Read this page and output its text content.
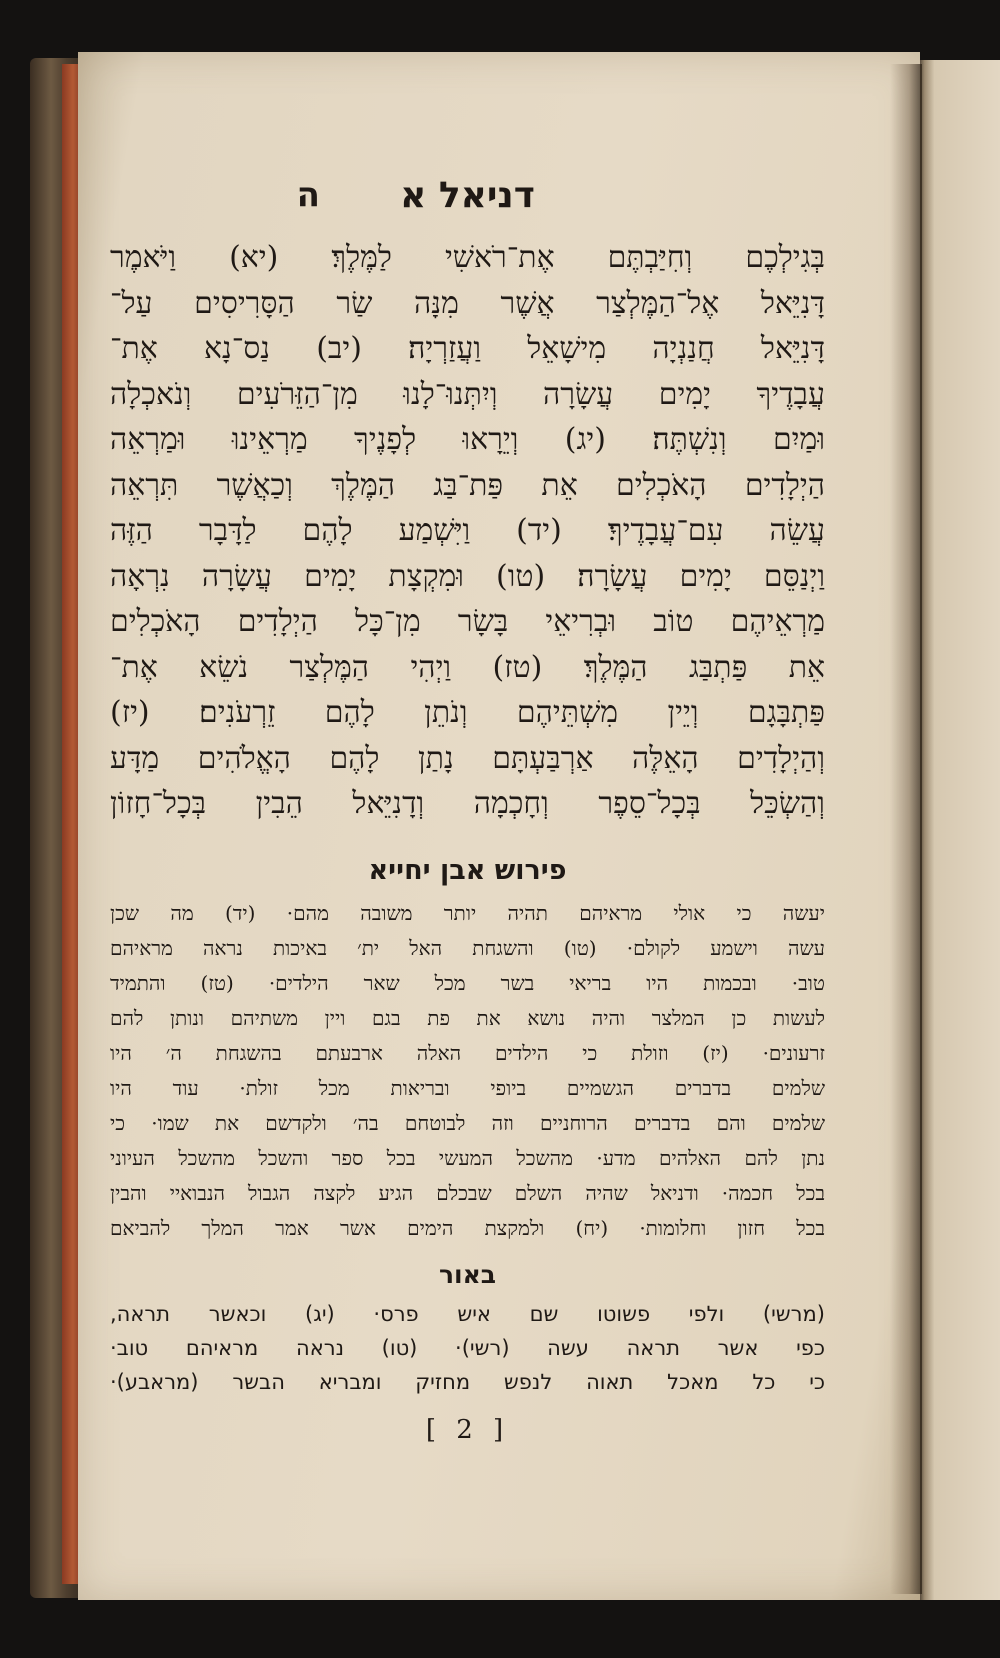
דניאל א
ה

בְּגִילְכֶם וְחִיַּבְתֶּם אֶת־רֹאשִׁי לַמֶּלֶךְ׃ (יא) וַיֹּאמֶר

דָּנִיֵּאל אֶל־הַמֶּלְצַר אֲשֶׁר מִנָּה שַׂר הַסָּרִיסִים עַל־

דָּנִיֵּאל חֲנַנְיָה מִישָׁאֵל וַעֲזַרְיָה׃ (יב) נַס־נָא אֶת־

עֲבָדֶיךָ יָמִים עֲשָׂרָה וְיִתְּנוּ־לָנוּ מִן־הַזֵּרֹעִים וְנֹאכְלָה

וּמַיִם וְנִשְׁתֶּה׃ (יג) וְיֵרָאוּ לְפָנֶיךָ מַרְאֵינוּ וּמַרְאֵה

הַיְלָדִים הָאֹכְלִים אֵת פַּת־בַּג הַמֶּלֶךְ וְכַאֲשֶׁר תִּרְאֵה

עֲשֵׂה עִם־עֲבָדֶיךָ׃ (יד) וַיִּשְׁמַע לָהֶם לַדָּבָר הַזֶּה

וַיְנַסֵּם יָמִים עֲשָׂרָה׃ (טו) וּמִקְצָת יָמִים עֲשָׂרָה נִרְאָה

מַרְאֵיהֶם טוֹב וּבְרִיאֵי בָּשָׂר מִן־כָּל הַיְלָדִים הָאֹכְלִים

אֵת פַּתְבַּג הַמֶּלֶךְ׃ (טז) וַיְהִי הַמֶּלְצַר נֹשֵׂא אֶת־

פַּתְבָּגָם וְיֵין מִשְׁתֵּיהֶם וְנֹתֵן לָהֶם זֵרְעֹנִים׃ (יז)

וְהַיְלָדִים הָאֵלֶּה אַרְבַּעְתָּם נָתַן לָהֶם הָאֱלֹהִים מַדָּע

וְהַשְׂכֵּל בְּכָל־סֵפֶר וְחָכְמָה וְדָנִיֵּאל הֵבִין בְּכָל־חָזוֹן

פירוש אבן יחייא

יעשה כי אולי מראיהם תהיה יותר משובה מהם· (יד) מה שכן

עשה וישמע לקולם· (טו) והשגחת האל ית׳ באיכות נראה מראיהם

טוב· ובכמות היו בריאי בשר מכל שאר הילדים· (טז) והתמיד

לעשות כן המלצר והיה נושא את פת בגם ויין משתיהם ונותן להם

זרעונים· (יז) וזולת כי הילדים האלה ארבעתם בהשגחת ה׳ היו

שלמים בדברים הגשמיים ביופי ובריאות מכל זולת· עוד היו

שלמים והם בדברים הרוחניים וזה לבוטחם בה׳ ולקדשם את שמו· כי

נתן להם האלהים מדע· מהשכל המעשי בכל ספר והשכל מהשכל העיוני

בכל חכמה· ודניאל שהיה השלם שבכלם הגיע לקצה הגבול הנבואיי והבין

בכל חזון וחלומות· (יח) ולמקצת הימים אשר אמר המלך להביאם

באור

(מרשי) ולפי פשוטו שם איש פרס· (יג) וכאשר תראה,

כפי אשר תראה עשה (רשי)· (טו) נראה מראיהם טוב·

כי כל מאכל תאוה לנפש מחזיק ומבריא הבשר (מראבע)·

[ 2 ]
